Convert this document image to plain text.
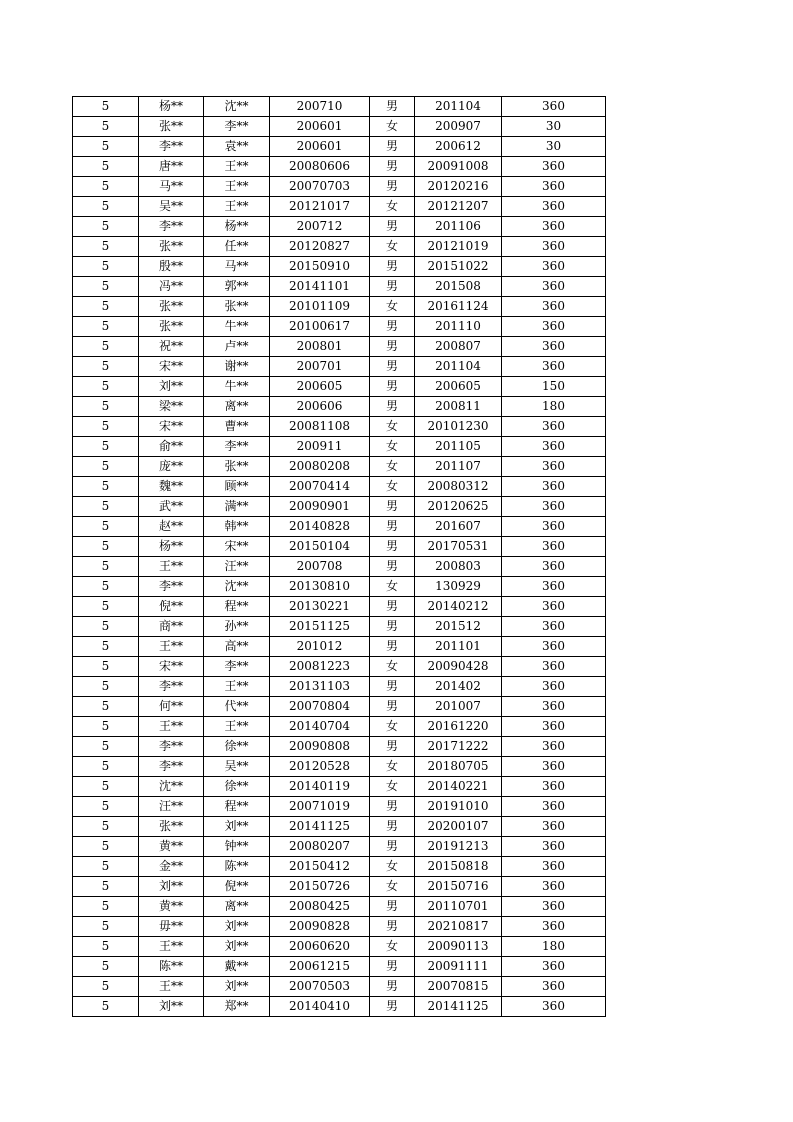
5	杨**	沈**	200710	男	201104	360
5	张**	李**	200601	女	200907	30
5	李**	袁**	200601	男	200612	30
5	唐**	王**	20080606	男	20091008	360
5	马**	王**	20070703	男	20120216	360
5	吴**	王**	20121017	女	20121207	360
5	李**	杨**	200712	男	201106	360
5	张**	任**	20120827	女	20121019	360
5	殷**	马**	20150910	男	20151022	360
5	冯**	郭**	20141101	男	201508	360
5	张**	张**	20101109	女	20161124	360
5	张**	牛**	20100617	男	201110	360
5	祝**	卢**	200801	男	200807	360
5	宋**	谢**	200701	男	201104	360
5	刘**	牛**	200605	男	200605	150
5	梁**	离**	200606	男	200811	180
5	宋**	曹**	20081108	女	20101230	360
5	俞**	李**	200911	女	201105	360
5	庞**	张**	20080208	女	201107	360
5	魏**	顾**	20070414	女	20080312	360
5	武**	满**	20090901	男	20120625	360
5	赵**	韩**	20140828	男	201607	360
5	杨**	宋**	20150104	男	20170531	360
5	王**	汪**	200708	男	200803	360
5	李**	沈**	20130810	女	130929	360
5	倪**	程**	20130221	男	20140212	360
5	商**	孙**	20151125	男	201512	360
5	王**	高**	201012	男	201101	360
5	宋**	李**	20081223	女	20090428	360
5	李**	王**	20131103	男	201402	360
5	何**	代**	20070804	男	201007	360
5	王**	王**	20140704	女	20161220	360
5	李**	徐**	20090808	男	20171222	360
5	李**	吴**	20120528	女	20180705	360
5	沈**	徐**	20140119	女	20140221	360
5	汪**	程**	20071019	男	20191010	360
5	张**	刘**	20141125	男	20200107	360
5	黄**	钟**	20080207	男	20191213	360
5	金**	陈**	20150412	女	20150818	360
5	刘**	倪**	20150726	女	20150716	360
5	黄**	离**	20080425	男	20110701	360
5	毋**	刘**	20090828	男	20210817	360
5	王**	刘**	20060620	女	20090113	180
5	陈**	戴**	20061215	男	20091111	360
5	王**	刘**	20070503	男	20070815	360
5	刘**	郑**	20140410	男	20141125	360
